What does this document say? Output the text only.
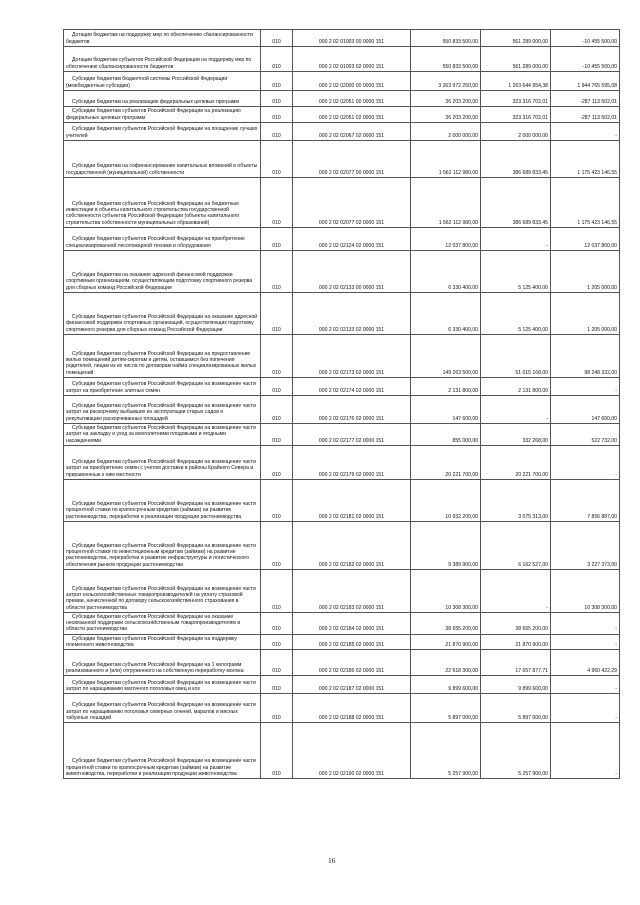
Дотации бюджетам на поддержку мер по обеспечению сбалансированности бюджетов	010	000 2 02 01003 00 0000 151	550 833 500,00	561 289 000,00	-10 455 500,00
Дотации бюджетам субъектов Российской Федерации на поддержку мер по обеспечению сбалансированности бюджетов	010	000 2 02 01003 02 0000 151	550 833 500,00	561 289 000,00	-10 455 500,00
Субсидии бюджетам бюджетной системы Российской Федерации (межбюджетные субсидии)	010	000 2 02 02000 00 0000 151	3 263 972 250,00	1 263 644 954,38	1 944 765 595,08
Субсидии бюджетам на реализацию федеральных целевых программ	010	000 2 02 02051 00 0000 151	36 203 200,00	323 316 702,01	-287 113 502,01
Субсидии бюджетам субъектов Российской Федерации на реализацию федеральных целевых программ	010	000 2 02 02051 02 0000 151	36 203 200,00	323 316 702,01	-287 113 502,01
Субсидии бюджетам субъектов Российской Федерации на поощрение лучших учителей	010	000 2 02 02067 02 0000 151	2 000 000,00	2 000 000,00	-
Субсидии бюджетам на софинансирование капитальных вложений в объекты государственной (муниципальной) собственности	010	000 2 02 02077 00 0000 151	1 562 112 980,00	386 689 833,45	1 175 423 146,55
Субсидии бюджетам субъектов Российской Федерации на бюджетные инвестиции в объекты капитального строительства государственной собственности субъектов Российской Федерации (объекты капитального строительства собственности муниципальных образований)	010	000 2 02 02077 02 0000 151	1 562 112 980,00	386 689 833,45	1 175 423 146,55
Субсидии бюджетам субъектов Российской Федерации на приобретение специализированной лесопожарной техники и оборудования	010	000 2 02 02124 02 0000 151	12 037 800,00	-	12 037 800,00
Субсидии бюджетам на оказание адресной финансовой поддержки спортивным организациям, осуществляющим подготовку спортивного резерва для сборных команд Российской Федерации	010	000 2 02 02133 00 0000 151	6 330 400,00	5 125 400,00	1 205 000,00
Субсидии бюджетам субъектов Российской Федерации на оказание адресной финансовой поддержки спортивных организаций, осуществляющих подготовку спортивного резерва для сборных команд Российской Федерации	010	000 2 02 02133 02 0000 151	6 330 400,00	5 125 400,00	1 205 000,00
Субсидии бюджетам субъектов Российской Федерации на предоставление жилых помещений детям-сиротам и детям, оставшимся без попечения родителей, лицам из их числа по договорам найма специализированных жилых помещений	010	000 2 02 02173 02 0000 151	149 263 500,00	51 015 168,00	98 248 332,00
Субсидии бюджетам субъектов Российской Федерации на возмещение части затрат на приобретение элитных семян	010	000 2 02 02174 02 0000 151	2 131 800,00	2 131 800,00	-
Субсидии бюджетам субъектов Российской Федерации на возмещение части затрат на раскорчевку выбывших из эксплуатации старых садов и рекультивацию раскорчеванных площадей	010	000 2 02 02176 02 0000 151	147 600,00	-	147 600,00
Субсидии бюджетам субъектов Российской Федерации на возмещение части затрат на закладку и уход за многолетними плодовыми и ягодными насаждениями	010	000 2 02 02177 02 0000 151	855 000,00	332 268,00	522 732,00
Субсидии бюджетам субъектов Российской Федерации на возмещение части затрат на приобретение семян с учетом доставки в районы Крайнего Севера и приравненные к ним местности	010	000 2 02 02179 02 0000 151	20 221 700,00	20 221 700,00	-
Субсидии бюджетам субъектов Российской Федерации на возмещение части процентной ставки по краткосрочным кредитам (займам) на развитие растениеводства, переработки и реализации продукции растениеводства	010	000 2 02 02181 02 0000 151	10 932 200,00	3 075 313,00	7 856 887,00
Субсидии бюджетам субъектов Российской Федерации на возмещение части процентной ставки по инвестиционным кредитам (займам) на развитие растениеводства, переработки и развитие инфраструктуры и логистического обеспечения рынков продукции растениеводства	010	000 2 02 02182 02 0000 151	9 389 900,00	6 162 527,00	3 227 373,00
Субсидии бюджетам субъектов Российской Федерации на возмещение части затрат сельскохозяйственных товаропроизводителей на уплату страховой премии, начисленной по договору сельскохозяйственного страхования в области растениеводства	010	000 2 02 02183 02 0000 151	10 308 300,00	-	10 308 300,00
Субсидии бюджетам субъектов Российской Федерации на оказание несвязанной поддержки сельскохозяйственным товаропроизводителям в области растениеводства	010	000 2 02 02184 02 0000 151	38 655 200,00	38 655 200,00	-
Субсидии бюджетам субъектов Российской Федерации на поддержку племенного животноводства	010	000 2 02 02185 02 0000 151	21 870 900,00	21 870 900,00	-
Субсидии бюджетам субъектов Российской Федерации на 1 килограмм реализованного и (или) отгруженного на собственную переработку молока	010	000 2 02 02186 02 0000 151	22 618 300,00	17 657 877,71	4 960 422,29
Субсидии бюджетам субъектов Российской Федерации на возмещение части затрат по наращиванию маточного поголовья овец и коз	010	000 2 02 02187 02 0000 151	9 899 600,00	9 899 600,00	-
Субсидии бюджетам субъектов Российской Федерации на возмещение части затрат по наращиванию поголовья северных оленей, маралов и мясных табунных лошадей	010	000 2 02 02188 02 0000 151	5 897 000,00	5 897 000,00	-
Субсидии бюджетам субъектов Российской Федерации на возмещение части процентной ставки по краткосрочным кредитам (займам) на развитие животноводства, переработки и реализации продукции животноводства	010	000 2 02 02190 02 0000 151	5 257 900,00	5 257 900,00	-
16
